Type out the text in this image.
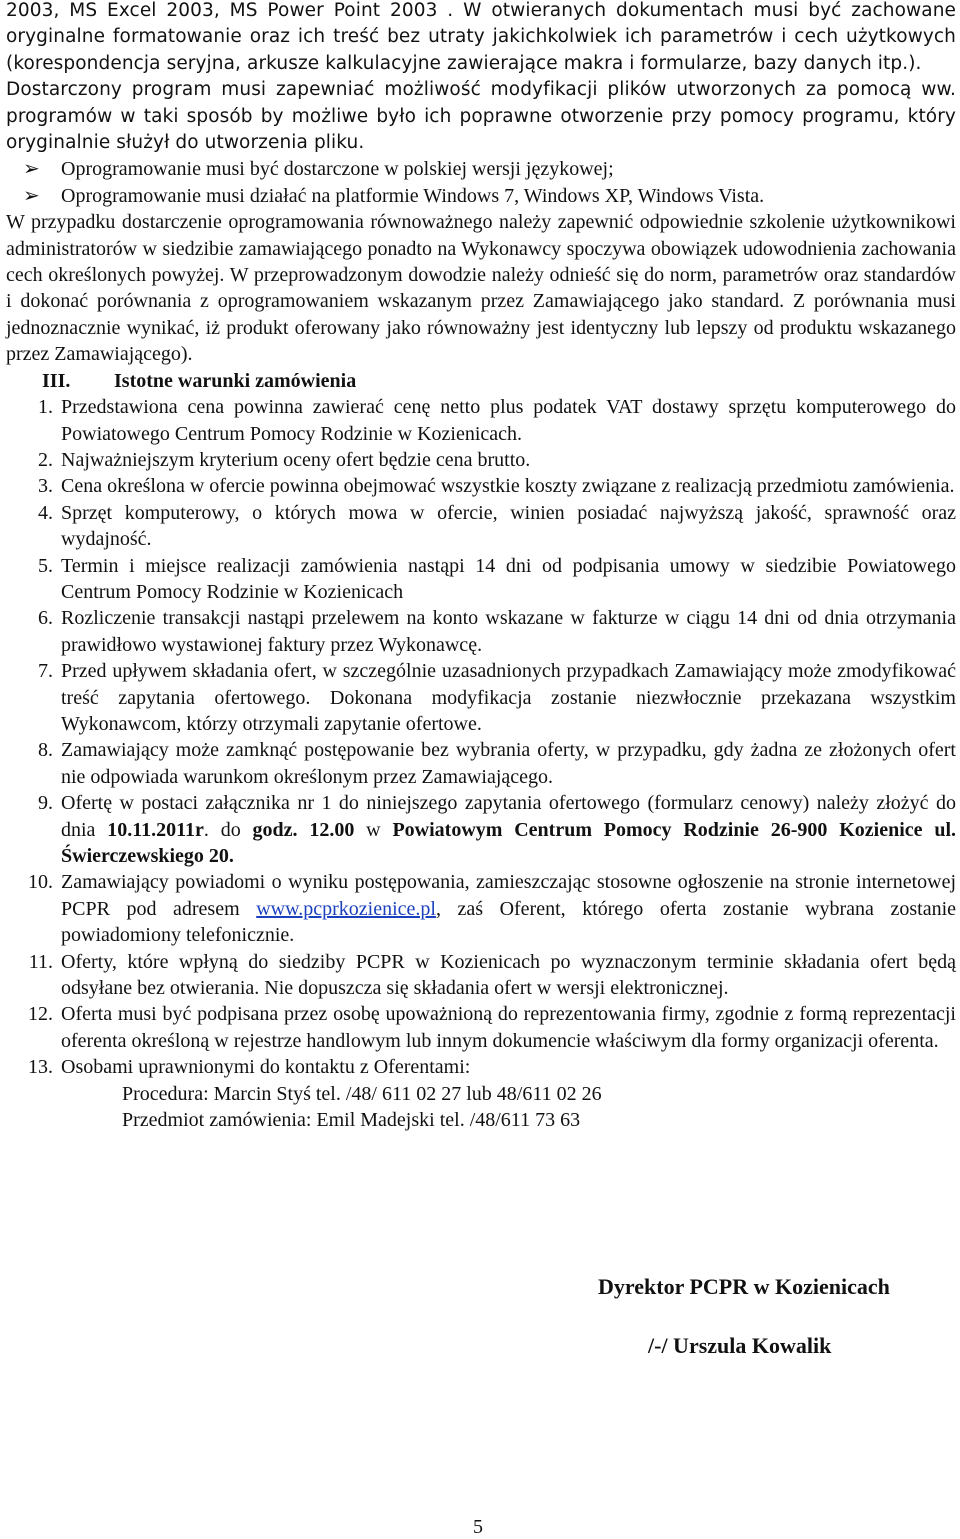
2003, MS Excel 2003, MS Power Point 2003 . W otwieranych dokumentach musi być zachowane oryginalne formatowanie oraz ich treść bez utraty jakichkolwiek ich parametrów i cech użytkowych (korespondencja seryjna, arkusze kalkulacyjne zawierające makra i formularze, bazy danych itp.).

Dostarczony program musi zapewniać możliwość modyfikacji plików utworzonych za pomocą ww. programów w taki sposób by możliwe było ich poprawne otworzenie przy pomocy programu, który oryginalnie służył do utworzenia pliku.

➢ Oprogramowanie musi być dostarczone w polskiej wersji językowej;
➢ Oprogramowanie musi działać na platformie Windows 7, Windows XP, Windows Vista.

W przypadku dostarczenie oprogramowania równoważnego należy zapewnić odpowiednie szkolenie użytkownikowi administratorów w siedzibie zamawiającego ponadto na Wykonawcy spoczywa obowiązek udowodnienia zachowania cech określonych powyżej. W przeprowadzonym dowodzie należy odnieść się do norm, parametrów oraz standardów i dokonać porównania z oprogramowaniem wskazanym przez Zamawiającego jako standard. Z porównania musi jednoznacznie wynikać, iż produkt oferowany jako równoważny jest identyczny lub lepszy od produktu wskazanego przez Zamawiającego).

III. Istotne warunki zamówienia

1. Przedstawiona cena powinna zawierać cenę netto plus podatek VAT dostawy sprzętu komputerowego do Powiatowego Centrum Pomocy Rodzinie w Kozienicach.
2. Najważniejszym kryterium oceny ofert będzie cena brutto.
3. Cena określona w ofercie powinna obejmować wszystkie koszty związane z realizacją przedmiotu zamówienia.
4. Sprzęt komputerowy, o których mowa w ofercie, winien posiadać najwyższą jakość, sprawność oraz wydajność.
5. Termin i miejsce realizacji zamówienia nastąpi 14 dni od podpisania umowy w siedzibie Powiatowego Centrum Pomocy Rodzinie w Kozienicach
6. Rozliczenie transakcji nastąpi przelewem na konto wskazane w fakturze w ciągu 14 dni od dnia otrzymania prawidłowo wystawionej faktury przez Wykonawcę.
7. Przed upływem składania ofert, w szczególnie uzasadnionych przypadkach Zamawiający może zmodyfikować treść zapytania ofertowego. Dokonana modyfikacja zostanie niezwłocznie przekazana wszystkim Wykonawcom, którzy otrzymali zapytanie ofertowe.
8. Zamawiający może zamknąć postępowanie bez wybrania oferty, w przypadku, gdy żadna ze złożonych ofert nie odpowiada warunkom określonym przez Zamawiającego.
9. Ofertę w postaci załącznika nr 1 do niniejszego zapytania ofertowego (formularz cenowy) należy złożyć do dnia 10.11.2011r. do godz. 12.00 w Powiatowym Centrum Pomocy Rodzinie 26-900 Kozienice ul. Świerczewskiego 20.
10. Zamawiający powiadomi o wyniku postępowania, zamieszczając stosowne ogłoszenie na stronie internetowej PCPR pod adresem www.pcprkozienice.pl, zaś Oferent, którego oferta zostanie wybrana zostanie powiadomiony telefonicznie.
11. Oferty, które wpłyną do siedziby PCPR w Kozienicach po wyznaczonym terminie składania ofert będą odsyłane bez otwierania. Nie dopuszcza się składania ofert w wersji elektronicznej.
12. Oferta musi być podpisana przez osobę upoważnioną do reprezentowania firmy, zgodnie z formą reprezentacji oferenta określoną w rejestrze handlowym lub innym dokumencie właściwym dla formy organizacji oferenta.
13. Osobami uprawnionymi do kontaktu z Oferentami:
Procedura: Marcin Styś tel. /48/ 611 02 27 lub 48/611 02 26
Przedmiot zamówienia: Emil Madejski tel. /48/611 73 63
Dyrektor PCPR w Kozienicach
/-/ Urszula Kowalik
5
